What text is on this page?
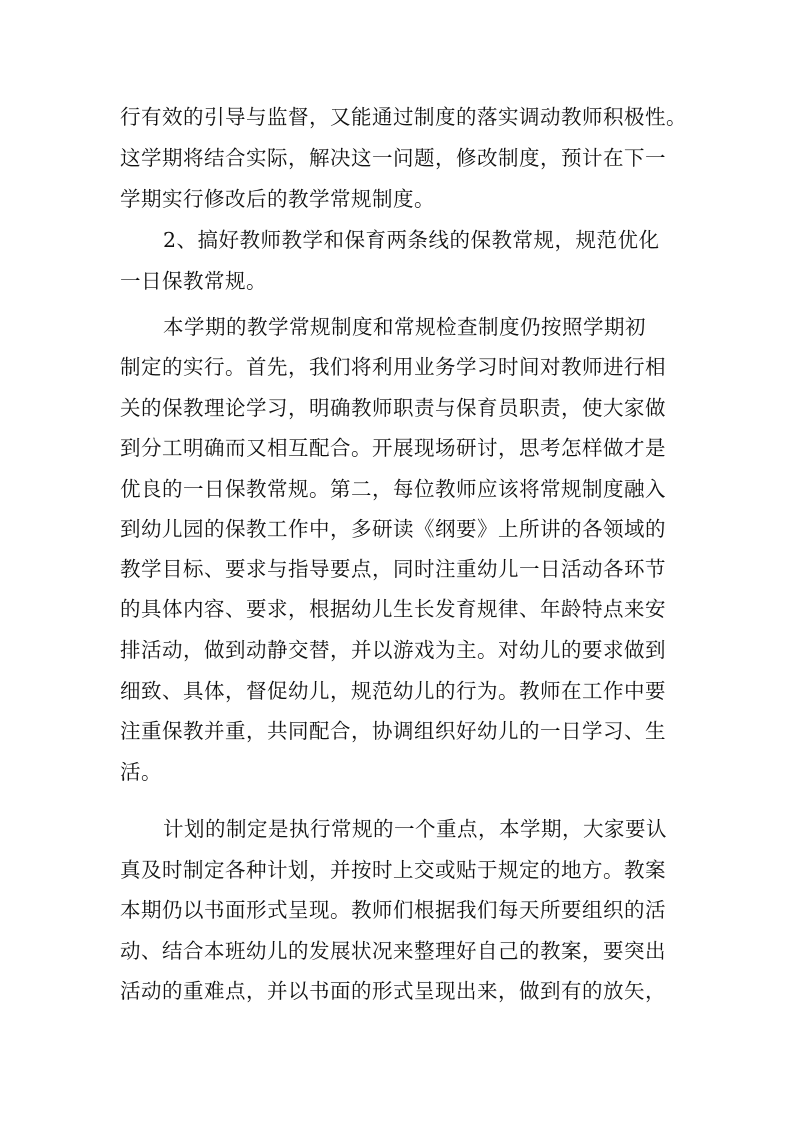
行有效的引导与监督，又能通过制度的落实调动教师积极性。
这学期将结合实际，解决这一问题，修改制度，预计在下一
学期实行修改后的教学常规制度。
2、搞好教师教学和保育两条线的保教常规，规范优化
一日保教常规。
本学期的教学常规制度和常规检查制度仍按照学期初
制定的实行。首先，我们将利用业务学习时间对教师进行相
关的保教理论学习，明确教师职责与保育员职责，使大家做
到分工明确而又相互配合。开展现场研讨，思考怎样做才是
优良的一日保教常规。第二，每位教师应该将常规制度融入
到幼儿园的保教工作中，多研读《纲要》上所讲的各领域的
教学目标、要求与指导要点，同时注重幼儿一日活动各环节
的具体内容、要求，根据幼儿生长发育规律、年龄特点来安
排活动，做到动静交替，并以游戏为主。对幼儿的要求做到
细致、具体，督促幼儿，规范幼儿的行为。教师在工作中要
注重保教并重，共同配合，协调组织好幼儿的一日学习、生
活。
计划的制定是执行常规的一个重点，本学期，大家要认
真及时制定各种计划，并按时上交或贴于规定的地方。教案
本期仍以书面形式呈现。教师们根据我们每天所要组织的活
动、结合本班幼儿的发展状况来整理好自己的教案，要突出
活动的重难点，并以书面的形式呈现出来，做到有的放矢，
